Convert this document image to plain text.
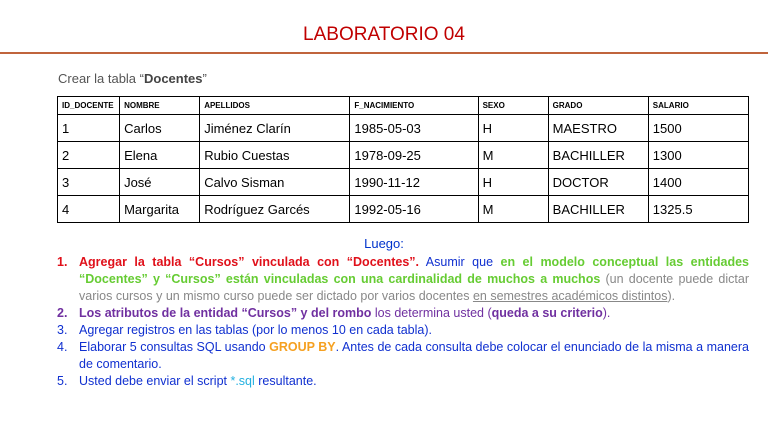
LABORATORIO 04
Crear la tabla “Docentes”
ID_DOCENTE	NOMBRE	APELLIDOS	F_NACIMIENTO	SEXO	GRADO	SALARIO
1	Carlos	Jiménez Clarín	1985-05-03	H	MAESTRO	1500
2	Elena	Rubio Cuestas	1978-09-25	M	BACHILLER	1300
3	José	Calvo Sisman	1990-11-12	H	DOCTOR	1400
4	Margarita	Rodríguez Garcés	1992-05-16	M	BACHILLER	1325.5
Luego:
1. Agregar la tabla “Cursos” vinculada con “Docentes”. Asumir que en el modelo conceptual las entidades “Docentes” y “Cursos” están vinculadas con una cardinalidad de muchos a muchos (un docente puede dictar varios cursos y un mismo curso puede ser dictado por varios docentes en semestres académicos distintos).
2. Los atributos de la entidad “Cursos” y del rombo los determina usted (queda a su criterio).
3. Agregar registros en las tablas (por lo menos 10 en cada tabla).
4. Elaborar 5 consultas SQL usando GROUP BY. Antes de cada consulta debe colocar el enunciado de la misma a manera de comentario.
5. Usted debe enviar el script *.sql resultante.
